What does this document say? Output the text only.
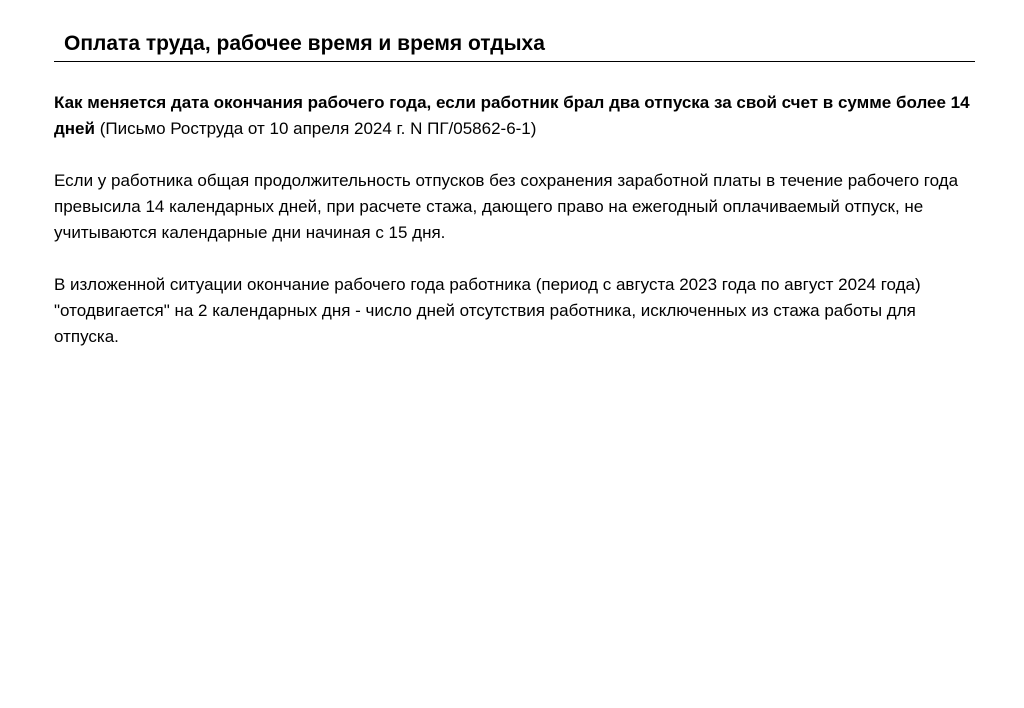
Оплата труда, рабочее время и время отдыха

Как меняется дата окончания рабочего года, если работник брал два отпуска за свой счет в сумме более 14 дней (Письмо Роструда от 10 апреля 2024 г. N ПГ/05862-6-1)

Если у работника общая продолжительность отпусков без сохранения заработной платы в течение рабочего года превысила 14 календарных дней, при расчете стажа, дающего право на ежегодный оплачиваемый отпуск, не учитываются календарные дни начиная с 15 дня.

В изложенной ситуации окончание рабочего года работника (период с августа 2023 года по август 2024 года) "отодвигается" на 2 календарных дня - число дней отсутствия работника, исключенных из стажа работы для отпуска.
